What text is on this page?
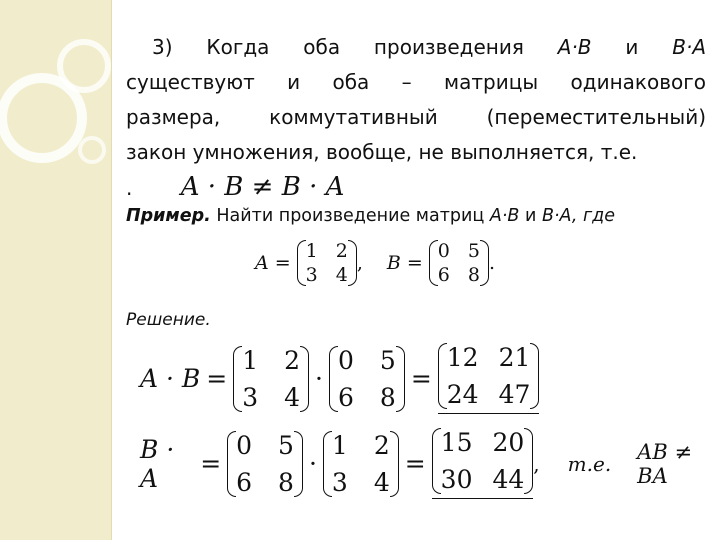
3) Когда оба произведения A·B и B·A
существуют и оба – матрицы одинакового
размера, коммутативный (переместительный)
закон умножения, вообще, не выполняется, т.е.
. A · B ≠ B · A
Пример. Найти произведение матриц A·B и B·A, где
A =
1 2
3 4
, B =
0 5
6 8
.
Решение.
A · B =
1 2
3 4
·
0 5
6 8
=
12 21
24 47
B · A	=
0 5
6 8
·
1 2
3 4
=
15 20
30 44
, т.е. AB ≠ BA
